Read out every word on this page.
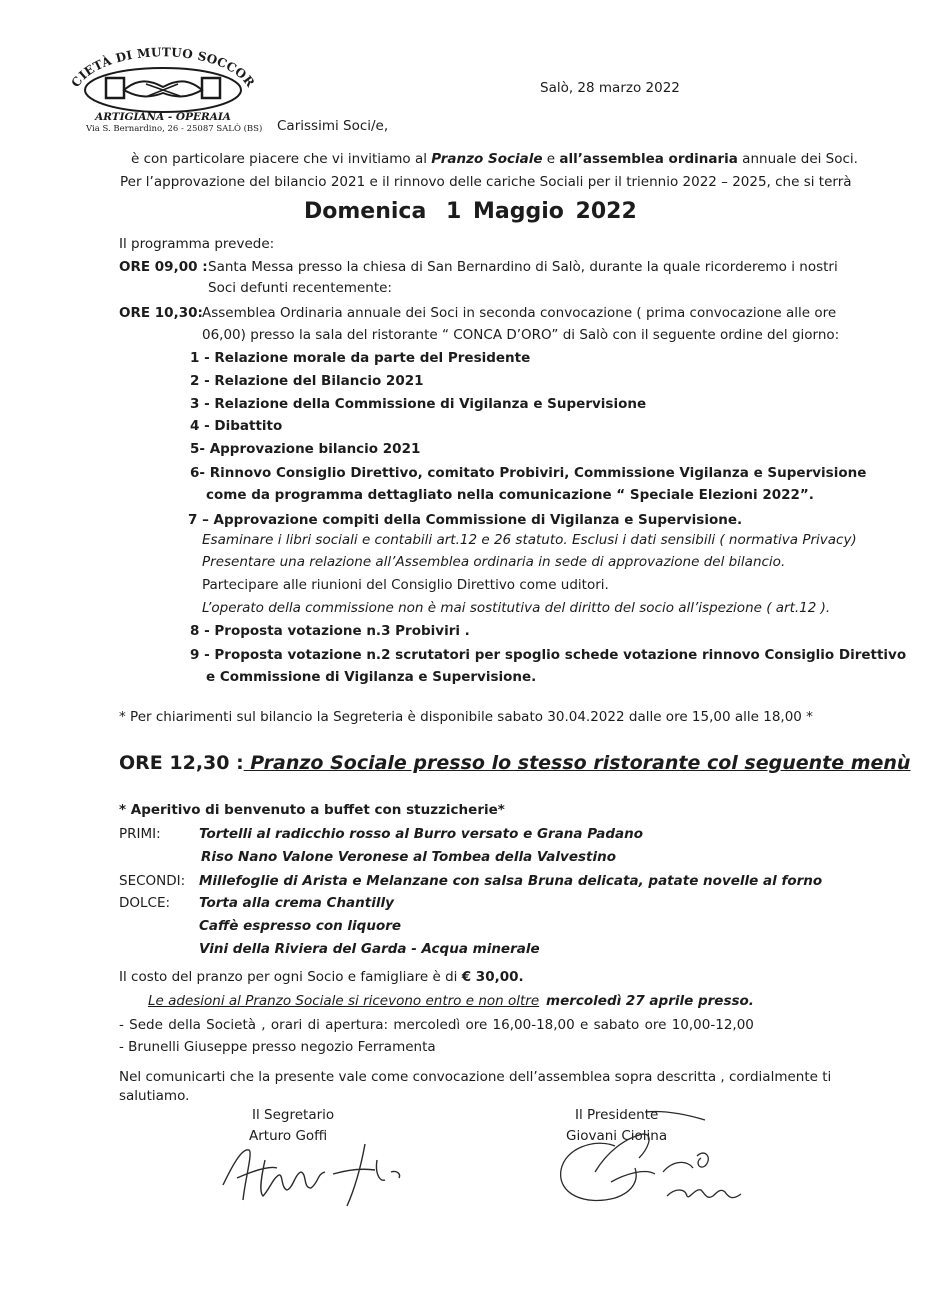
CIETÀ DI MUTUO SOCCOR
ARTIGIANA - OPERAIA
Via S. Bernardino, 26 - 25087 SALÒ (BS)
Salò, 28 marzo 2022
Carissimi Soci/e,
è con particolare piacere che vi invitiamo al Pranzo Sociale e all’assemblea ordinaria annuale dei Soci.
Per l’approvazione del bilancio 2021 e il rinnovo delle cariche Sociali per il triennio 2022 – 2025, che si terrà
Domenica 1 Maggio 2022
Il programma prevede:
ORE 09,00 : Santa Messa presso la chiesa di San Bernardino di Salò, durante la quale ricorderemo i nostri
Soci defunti recentemente:
ORE 10,30: Assemblea Ordinaria annuale dei Soci in seconda convocazione ( prima convocazione alle ore
06,00) presso la sala del ristorante “ CONCA D’ORO” di Salò con il seguente ordine del giorno:
1 - Relazione morale da parte del Presidente
2 - Relazione del Bilancio 2021
3 - Relazione della Commissione di Vigilanza e Supervisione
4 - Dibattito
5- Approvazione bilancio 2021
6- Rinnovo Consiglio Direttivo, comitato Probiviri, Commissione Vigilanza e Supervisione
come da programma dettagliato nella comunicazione “ Speciale Elezioni 2022”.
7 – Approvazione compiti della Commissione di Vigilanza e Supervisione.
Esaminare i libri sociali e contabili art.12 e 26 statuto. Esclusi i dati sensibili ( normativa Privacy)
Presentare una relazione all’Assemblea ordinaria in sede di approvazione del bilancio.
Partecipare alle riunioni del Consiglio Direttivo come uditori.
L’operato della commissione non è mai sostitutiva del diritto del socio all’ispezione ( art.12 ).
8 - Proposta votazione n.3 Probiviri .
9 - Proposta votazione n.2 scrutatori per spoglio schede votazione rinnovo Consiglio Direttivo
e Commissione di Vigilanza e Supervisione.
* Per chiarimenti sul bilancio la Segreteria è disponibile sabato 30.04.2022 dalle ore 15,00 alle 18,00 *
ORE 12,30 : Pranzo Sociale presso lo stesso ristorante col seguente menù
* Aperitivo di benvenuto a buffet con stuzzicherie*
PRIMI:	Tortelli al radicchio rosso al Burro versato e Grana Padano
Riso Nano Valone Veronese al Tombea della Valvestino
SECONDI: Millefoglie di Arista e Melanzane con salsa Bruna delicata, patate novelle al forno
DOLCE: Torta alla crema Chantilly
Caffè espresso con liquore
Vini della Riviera del Garda - Acqua minerale
Il costo del pranzo per ogni Socio e famigliare è di € 30,00.
Le adesioni al Pranzo Sociale si ricevono entro e non oltre mercoledì 27 aprile presso.
- Sede della Società , orari di apertura: mercoledì ore 16,00-18,00 e sabato ore 10,00-12,00
- Brunelli Giuseppe presso negozio Ferramenta
Nel comunicarti che la presente vale come convocazione dell’assemblea sopra descritta , cordialmente ti
salutiamo.
Il Segretario
Arturo Goffi
Il Presidente
Giovani Ciolina
